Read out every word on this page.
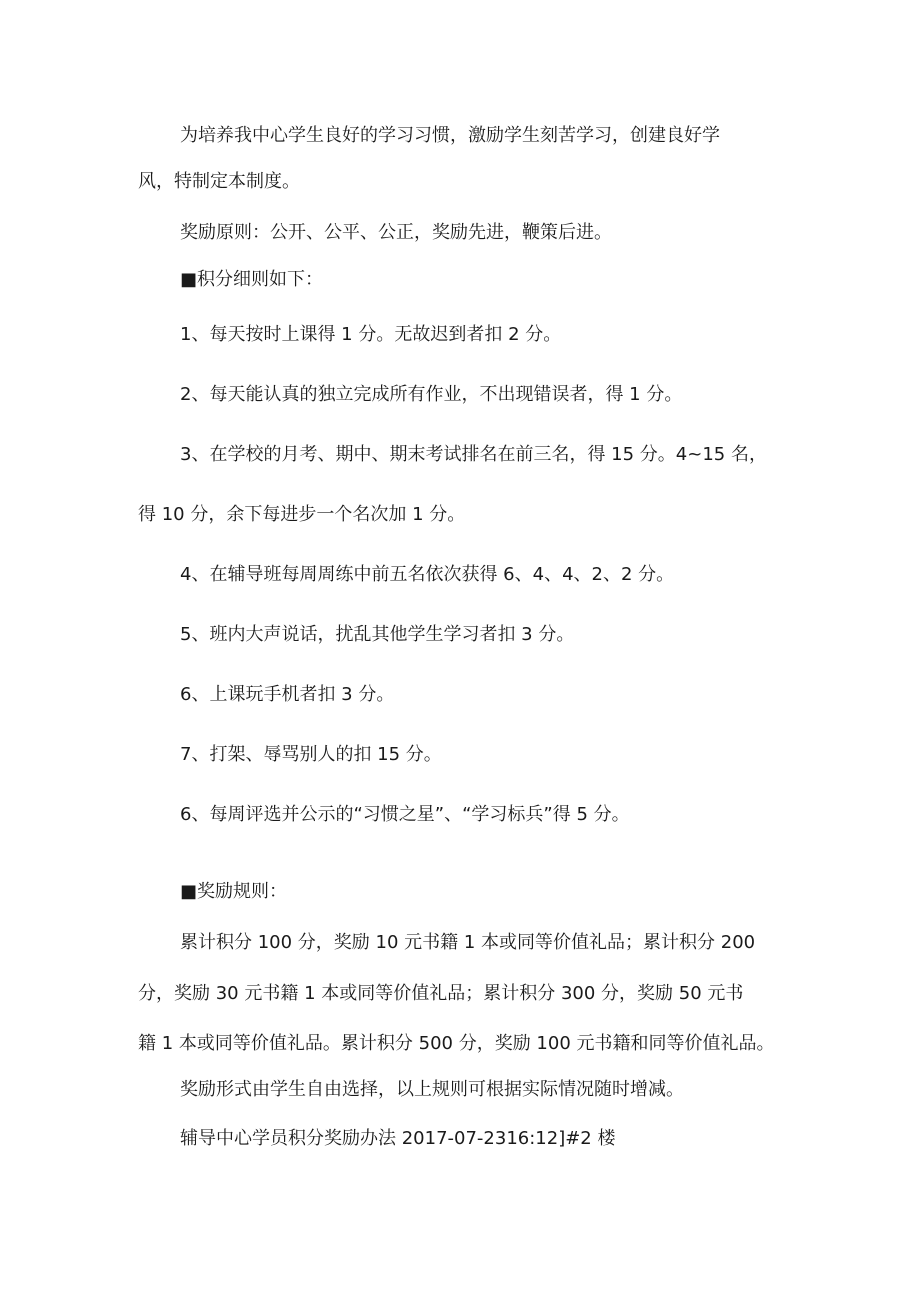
为培养我中心学生良好的学习习惯，激励学生刻苦学习，创建良好学
风，特制定本制度。
奖励原则：公开、公平、公正，奖励先进，鞭策后进。
■ 积分细则如下：
1、每天按时上课得 1 分。无故迟到者扣 2 分。
2、每天能认真的独立完成所有作业，不出现错误者，得 1 分。
3、在学校的月考、期中、期末考试排名在前三名，得 15 分。4~15 名，
得 10 分，余下每进步一个名次加 1 分。
4、在辅导班每周周练中前五名依次获得 6、4、4、2、2 分。
5、班内大声说话，扰乱其他学生学习者扣 3 分。
6、上课玩手机者扣 3 分。
7、打架、辱骂别人的扣 15 分。
6、每周评选并公示的“习惯之星”、“学习标兵”得 5 分。
■ 奖励规则：
累计积分 100 分，奖励 10 元书籍 1 本或同等价值礼品；累计积分 200
分，奖励 30 元书籍 1 本或同等价值礼品；累计积分 300 分，奖励 50 元书
籍 1 本或同等价值礼品。累计积分 500 分，奖励 100 元书籍和同等价值礼品。
奖励形式由学生自由选择，以上规则可根据实际情况随时增减。
辅导中心学员积分奖励办法 2017-07-2316:12]#2 楼
